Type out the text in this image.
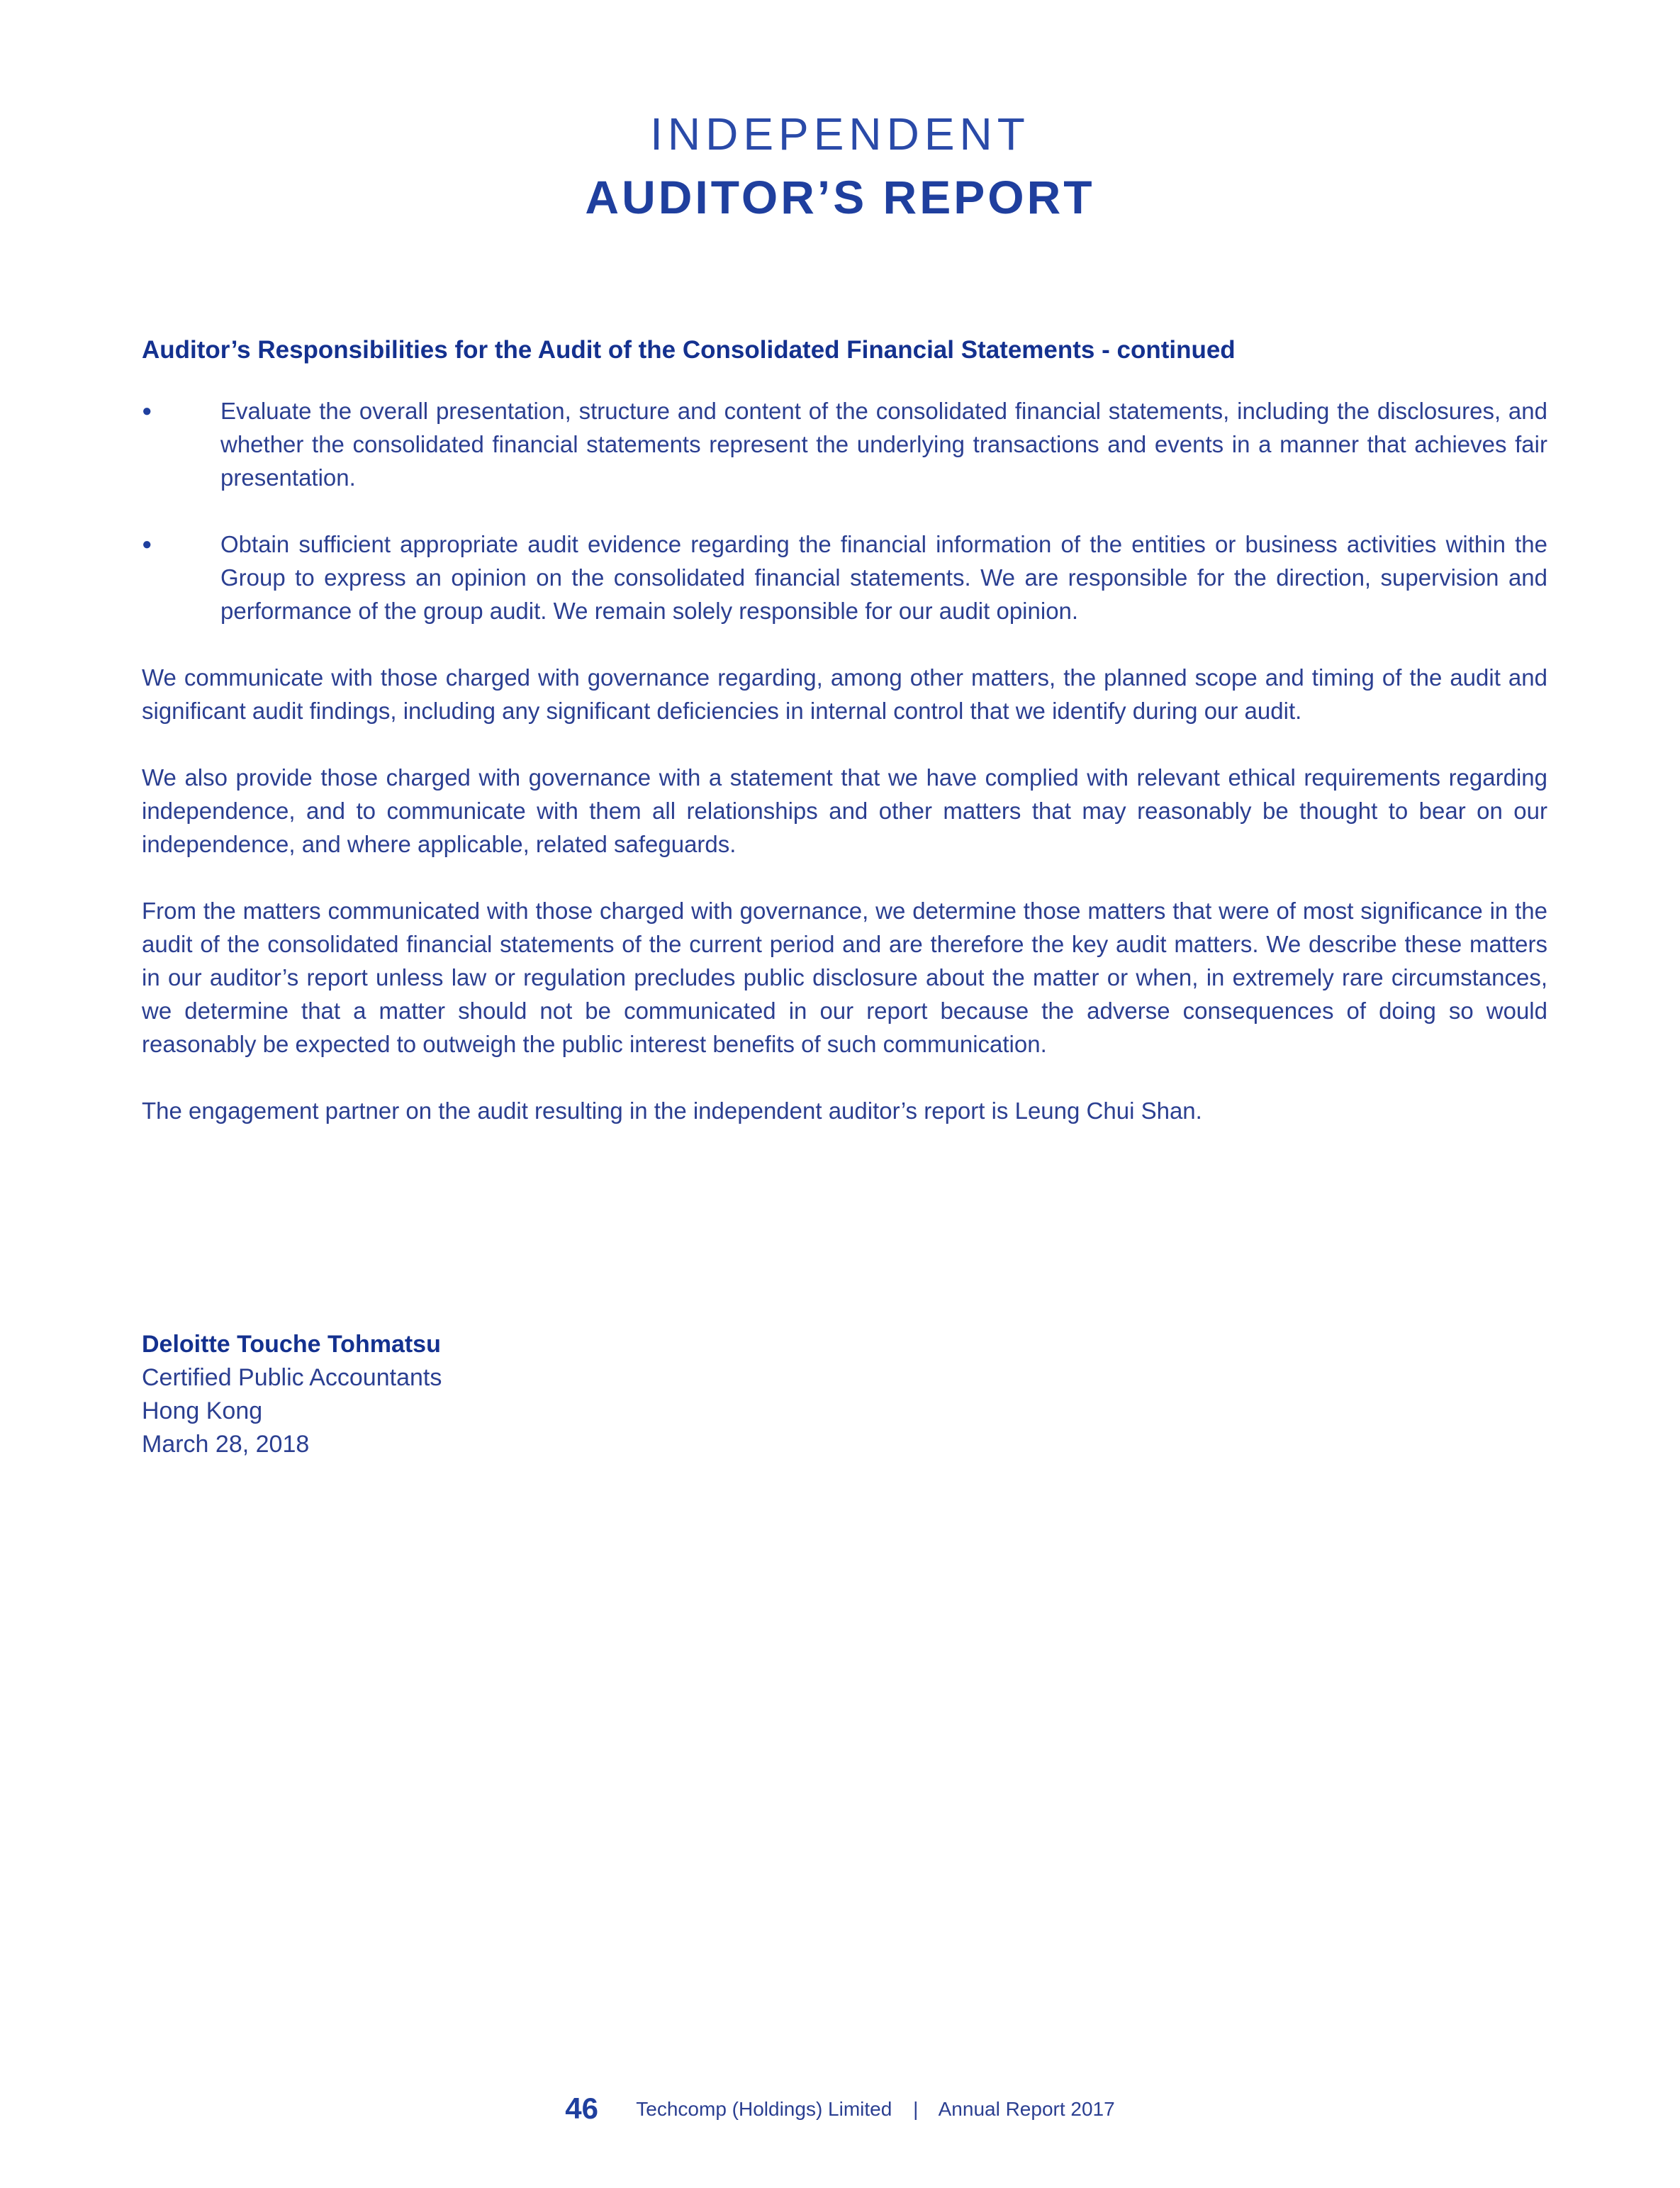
INDEPENDENT
AUDITOR’S REPORT
Auditor’s Responsibilities for the Audit of the Consolidated Financial Statements - continued
●	Evaluate the overall presentation, structure and content of the consolidated financial statements, including the disclosures, and whether the consolidated financial statements represent the underlying transactions and events in a manner that achieves fair presentation.
●	Obtain sufficient appropriate audit evidence regarding the financial information of the entities or business activities within the Group to express an opinion on the consolidated financial statements. We are responsible for the direction, supervision and performance of the group audit. We remain solely responsible for our audit opinion.

We communicate with those charged with governance regarding, among other matters, the planned scope and timing of the audit and significant audit findings, including any significant deficiencies in internal control that we identify during our audit.

We also provide those charged with governance with a statement that we have complied with relevant ethical requirements regarding independence, and to communicate with them all relationships and other matters that may reasonably be thought to bear on our independence, and where applicable, related safeguards.

From the matters communicated with those charged with governance, we determine those matters that were of most significance in the audit of the consolidated financial statements of the current period and are therefore the key audit matters. We describe these matters in our auditor’s report unless law or regulation precludes public disclosure about the matter or when, in extremely rare circumstances, we determine that a matter should not be communicated in our report because the adverse consequences of doing so would reasonably be expected to outweigh the public interest benefits of such communication.

The engagement partner on the audit resulting in the independent auditor’s report is Leung Chui Shan.

Deloitte Touche Tohmatsu
Certified Public Accountants
Hong Kong
March 28, 2018
46 Techcomp (Holdings) Limited | Annual Report 2017
